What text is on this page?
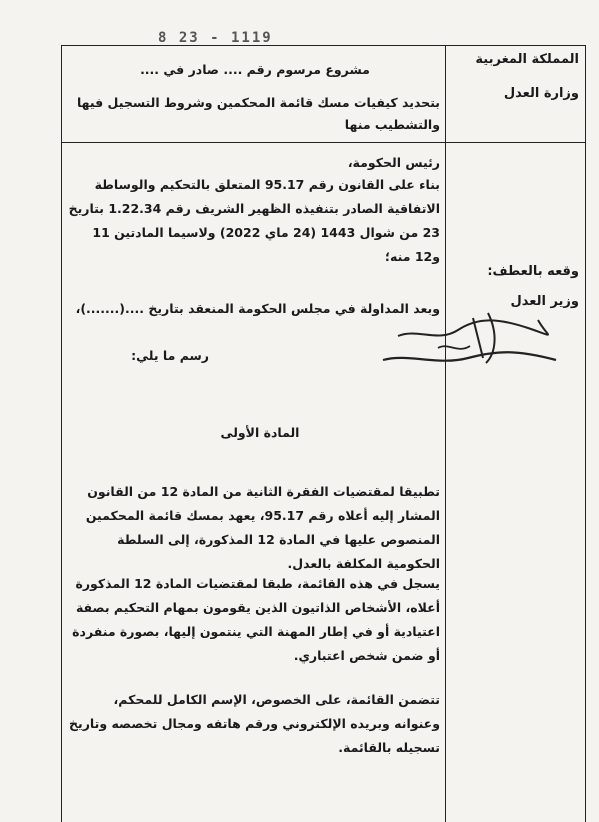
8 23 - 1119
المملكة المغربية
وزارة العدل
وقعه بالعطف:
وزير العدل
مشروع مرسوم رقم .... صادر في ....
بتحديد كيفيات مسك قائمة المحكمين وشروط التسجيل فيها والتشطيب منها
رئيس الحكومة،
بناء على القانون رقم 95.17 المتعلق بالتحكيم والوساطة الاتفاقية الصادر بتنفيذه الظهير الشريف رقم 1.22.34 بتاريخ 23 من شوال 1443 (24 ماي 2022) ولاسيما المادتين 11 و12 منه؛
وبعد المداولة في مجلس الحكومة المنعقد بتاريخ ....(.......)،
رسم ما يلي:
المادة الأولى
تطبيقا لمقتضيات الفقرة الثانية من المادة 12 من القانون المشار إليه أعلاه رقم 95.17، يعهد بمسك قائمة المحكمين المنصوص عليها في المادة 12 المذكورة، إلى السلطة الحكومية المكلفة بالعدل.
يسجل في هذه القائمة، طبقا لمقتضيات المادة 12 المذكورة أعلاه، الأشخاص الذاتيون الذين يقومون بمهام التحكيم بصفة اعتيادية أو في إطار المهنة التي ينتمون إليها، بصورة منفردة أو ضمن شخص اعتباري.
تتضمن القائمة، على الخصوص، الإسم الكامل للمحكم، وعنوانه وبريده الإلكتروني ورقم هاتفه ومجال تخصصه وتاريخ تسجيله بالقائمة.
